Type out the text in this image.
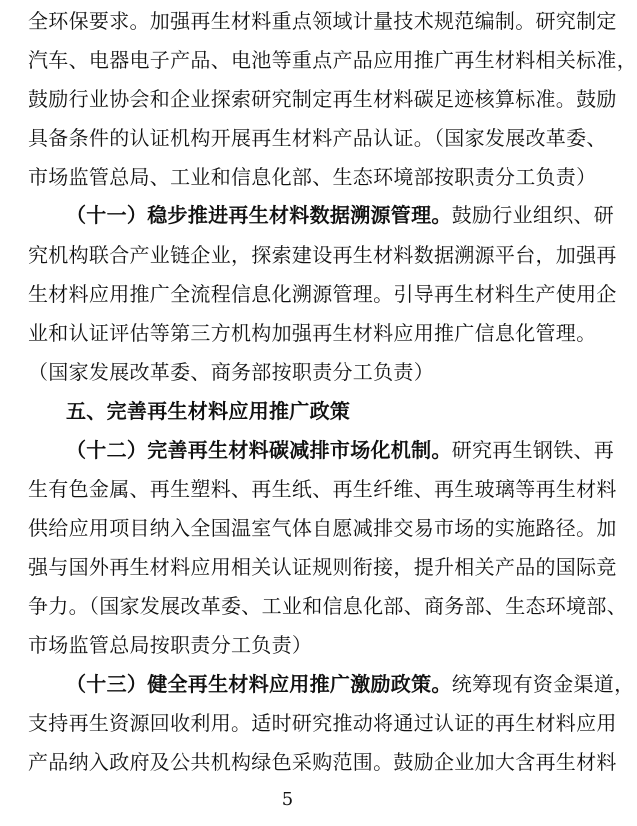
全环保要求。加强再生材料重点领域计量技术规范编制。研究制定
汽车、电器电子产品、电池等重点产品应用推广再生材料相关标准，
鼓励行业协会和企业探索研究制定再生材料碳足迹核算标准。鼓励
具备条件的认证机构开展再生材料产品认证。（国家发展改革委、
市场监管总局、工业和信息化部、生态环境部按职责分工负责）
（十一）稳步推进再生材料数据溯源管理。鼓励行业组织、研
究机构联合产业链企业，探索建设再生材料数据溯源平台，加强再
生材料应用推广全流程信息化溯源管理。引导再生材料生产使用企
业和认证评估等第三方机构加强再生材料应用推广信息化管理。
（国家发展改革委、商务部按职责分工负责）
五、完善再生材料应用推广政策
（十二）完善再生材料碳减排市场化机制。研究再生钢铁、再
生有色金属、再生塑料、再生纸、再生纤维、再生玻璃等再生材料
供给应用项目纳入全国温室气体自愿减排交易市场的实施路径。加
强与国外再生材料应用相关认证规则衔接，提升相关产品的国际竞
争力。（国家发展改革委、工业和信息化部、商务部、生态环境部、
市场监管总局按职责分工负责）
（十三）健全再生材料应用推广激励政策。统筹现有资金渠道，
支持再生资源回收利用。适时研究推动将通过认证的再生材料应用
产品纳入政府及公共机构绿色采购范围。鼓励企业加大含再生材料
5
